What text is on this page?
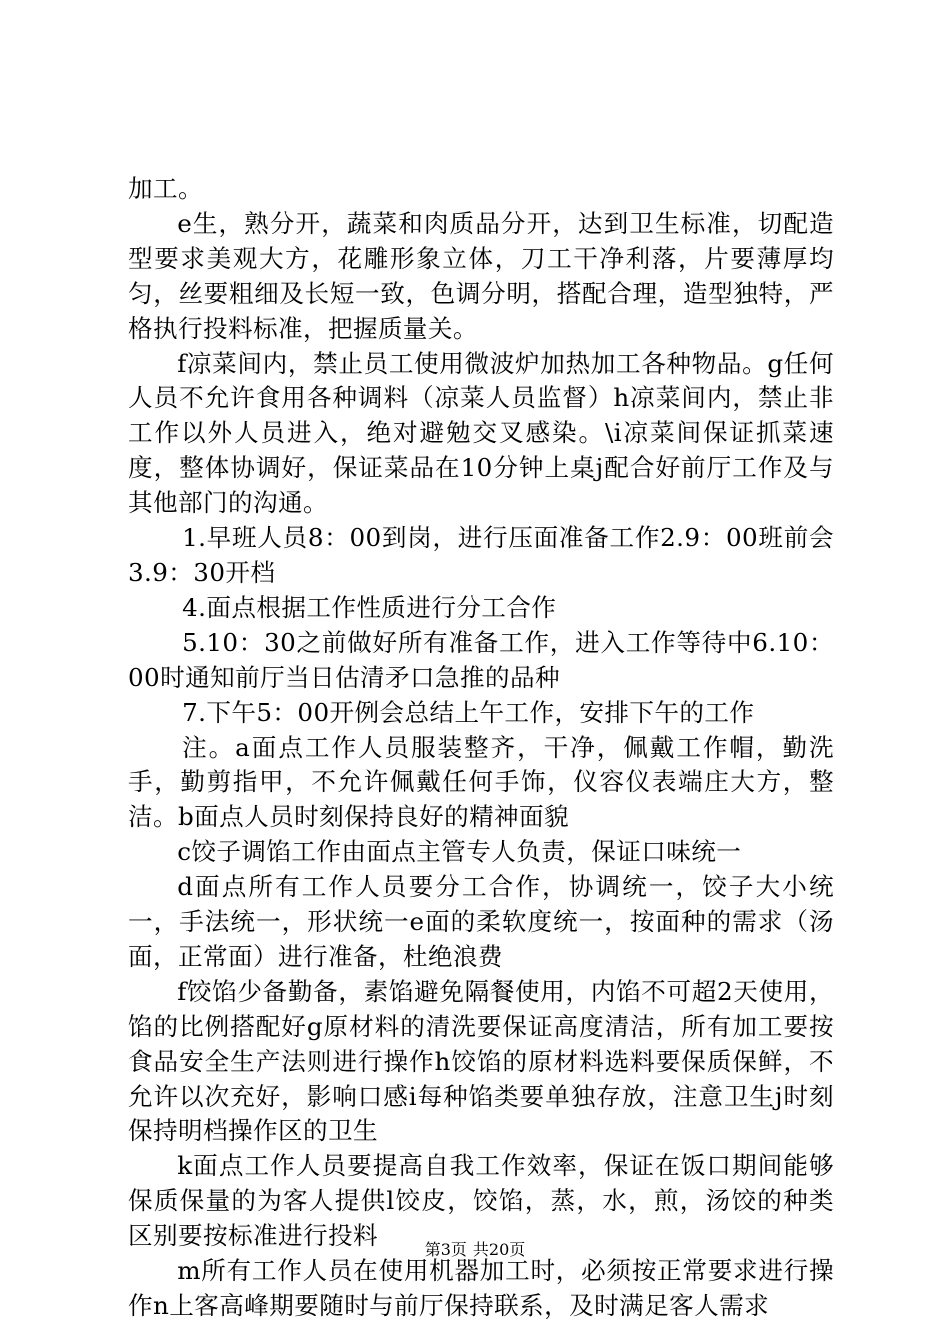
加工。

e生，熟分开，蔬菜和肉质品分开，达到卫生标准，切配造型要求美观大方，花雕形象立体，刀工干净利落，片要薄厚均匀，丝要粗细及长短一致，色调分明，搭配合理，造型独特，严格执行投料标准，把握质量关。

f凉菜间内，禁止员工使用微波炉加热加工各种物品。g任何人员不允许食用各种调料（凉菜人员监督）h凉菜间内，禁止非工作以外人员进入，绝对避勉交叉感染。\i凉菜间保证抓菜速度，整体协调好，保证菜品在10分钟上桌j配合好前厅工作及与其他部门的沟通。

1.早班人员8：00到岗，进行压面准备工作2.9：00班前会3.9：30开档

4.面点根据工作性质进行分工合作

5.10：30之前做好所有准备工作，进入工作等待中6.10：00时通知前厅当日估清矛口急推的品种

7.下午5：00开例会总结上午工作，安排下午的工作

注。a面点工作人员服装整齐，干净，佩戴工作帽，勤洗手，勤剪指甲，不允许佩戴任何手饰，仪容仪表端庄大方，整洁。b面点人员时刻保持良好的精神面貌

c饺子调馅工作由面点主管专人负责，保证口味统一

d面点所有工作人员要分工合作，协调统一，饺子大小统一，手法统一，形状统一e面的柔软度统一，按面种的需求（汤面，正常面）进行准备，杜绝浪费

f饺馅少备勤备，素馅避免隔餐使用，内馅不可超2天使用，馅的比例搭配好g原材料的清洗要保证高度清洁，所有加工要按食品安全生产法则进行操作h饺馅的原材料选料要保质保鲜，不允许以次充好，影响口感i每种馅类要单独存放，注意卫生j时刻保持明档操作区的卫生

k面点工作人员要提高自我工作效率，保证在饭口期间能够保质保量的为客人提供l饺皮，饺馅，蒸，水，煎，汤饺的种类区别要按标准进行投料

m所有工作人员在使用机器加工时，必须按正常要求进行操作n上客高峰期要随时与前厅保持联系，及时满足客人需求

第3页 共20页
